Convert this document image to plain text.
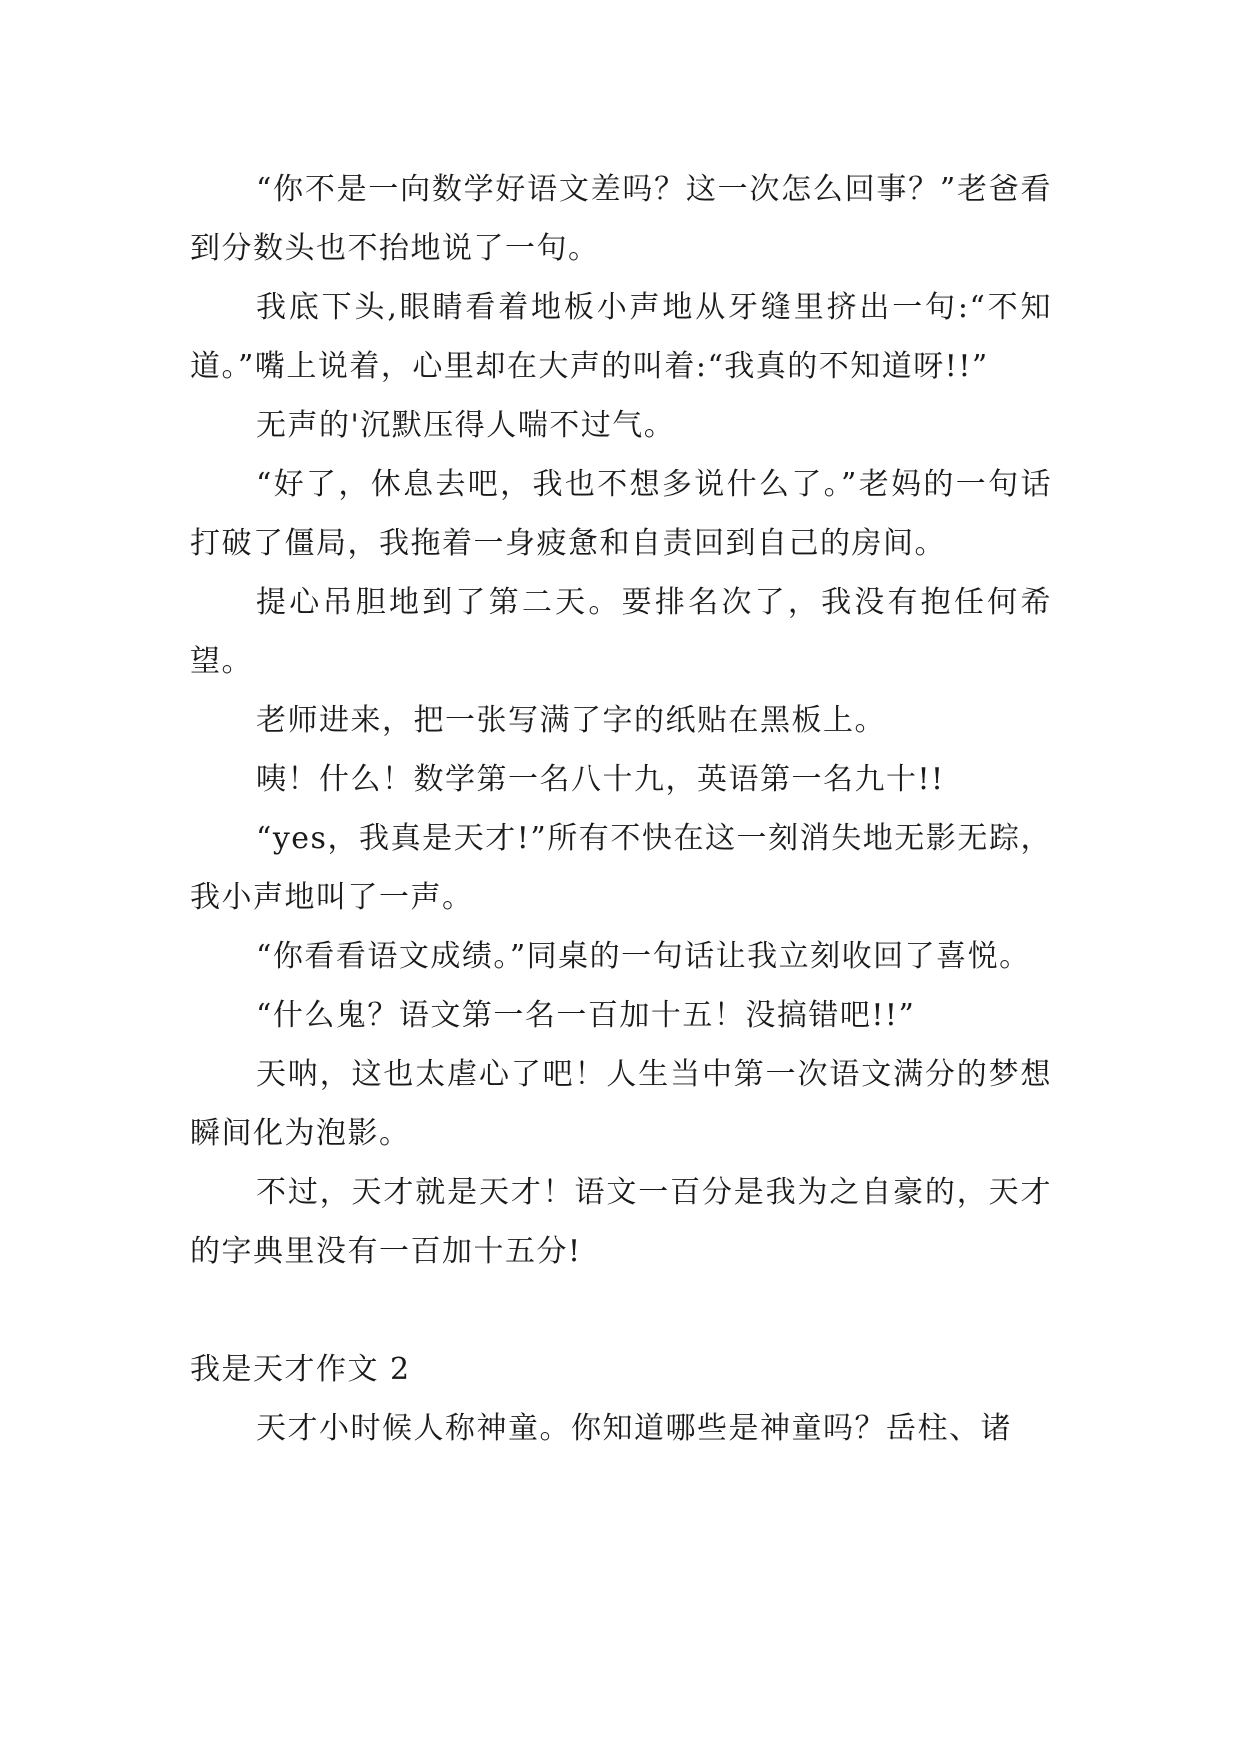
“你不是一向数学好语文差吗？这一次怎么回事？”老爸看到分数头也不抬地说了一句。

我底下头,眼睛看着地板小声地从牙缝里挤出一句:“不知道。”嘴上说着，心里却在大声的叫着:“我真的不知道呀!!”

无声的'沉默压得人喘不过气。

“好了，休息去吧，我也不想多说什么了。”老妈的一句话打破了僵局，我拖着一身疲惫和自责回到自己的房间。

提心吊胆地到了第二天。要排名次了，我没有抱任何希望。

老师进来，把一张写满了字的纸贴在黑板上。

咦！什么！数学第一名八十九，英语第一名九十!!

“yes，我真是天才!”所有不快在这一刻消失地无影无踪，我小声地叫了一声。

“你看看语文成绩。”同桌的一句话让我立刻收回了喜悦。

“什么鬼？语文第一名一百加十五！没搞错吧!!”

天呐，这也太虐心了吧！人生当中第一次语文满分的梦想瞬间化为泡影。

不过，天才就是天才！语文一百分是我为之自豪的，天才的字典里没有一百加十五分!

我是天才作文 2

天才小时候人称神童。你知道哪些是神童吗？岳柱、诸
